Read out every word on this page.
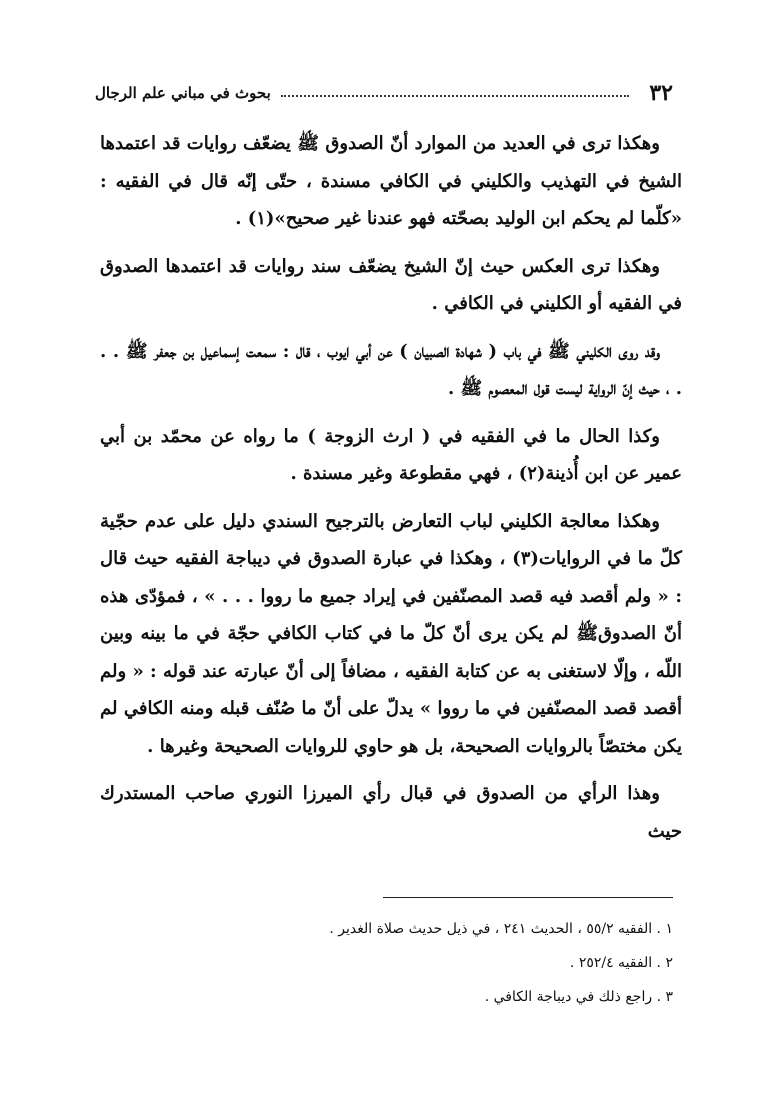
٣٢
بحوث في مباني علم الرجال

وهكذا ترى في العديد من الموارد أنّ الصدوق ﷺ يضعّف روايات قد اعتمدها الشيخ في التهذيب والكليني في الكافي مسندة ، حتّى إنّه قال في الفقيه : «كلّما لم يحكم ابن الوليد بصحّته فهو عندنا غير صحيح»(١) .

وهكذا ترى العكس حيث إنّ الشيخ يضعّف سند روايات قد اعتمدها الصدوق في الفقيه أو الكليني في الكافي .

وقد روى الكليني ﷺ في باب ( شهادة الصبيان ) عن أبي ايوب ، قال : سمعت إسماعيل بن جعفر ﷺ . . . ، حيث إنّ الرواية ليست قول المعصوم ﷺ .

وكذا الحال ما في الفقيه في ( ارث الزوجة ) ما رواه عن محمّد بن أبي عمير عن ابن أُذينة(٢) ، فهي مقطوعة وغير مسندة .

وهكذا معالجة الكليني لباب التعارض بالترجيح السندي دليل على عدم حجّية كلّ ما في الروايات(٣) ، وهكذا في عبارة الصدوق في ديباجة الفقيه حيث قال : « ولم أقصد فيه قصد المصنّفين في إيراد جميع ما رووا . . . » ، فمؤدّى هذه أنّ الصدوقﷺ لم يكن يرى أنّ كلّ ما في كتاب الكافي حجّة في ما بينه وبين اللّه ، وإلّا لاستغنى به عن كتابة الفقيه ، مضافاً إلى أنّ عبارته عند قوله : « ولم أقصد قصد المصنّفين في ما رووا » يدلّ على أنّ ما صُنّف قبله ومنه الكافي لم يكن مختصّاً بالروايات الصحيحة، بل هو حاوي للروايات الصحيحة وغيرها .

وهذا الرأي من الصدوق في قبال رأي الميرزا النوري صاحب المستدرك حيث

١ . الفقيه ٥٥/٢ ، الحديث ٢٤١ ، في ذيل حديث صلاة الغدير .
٢ . الفقيه ٢٥٢/٤ .
٣ . راجع ذلك في ديباجة الكافي .
